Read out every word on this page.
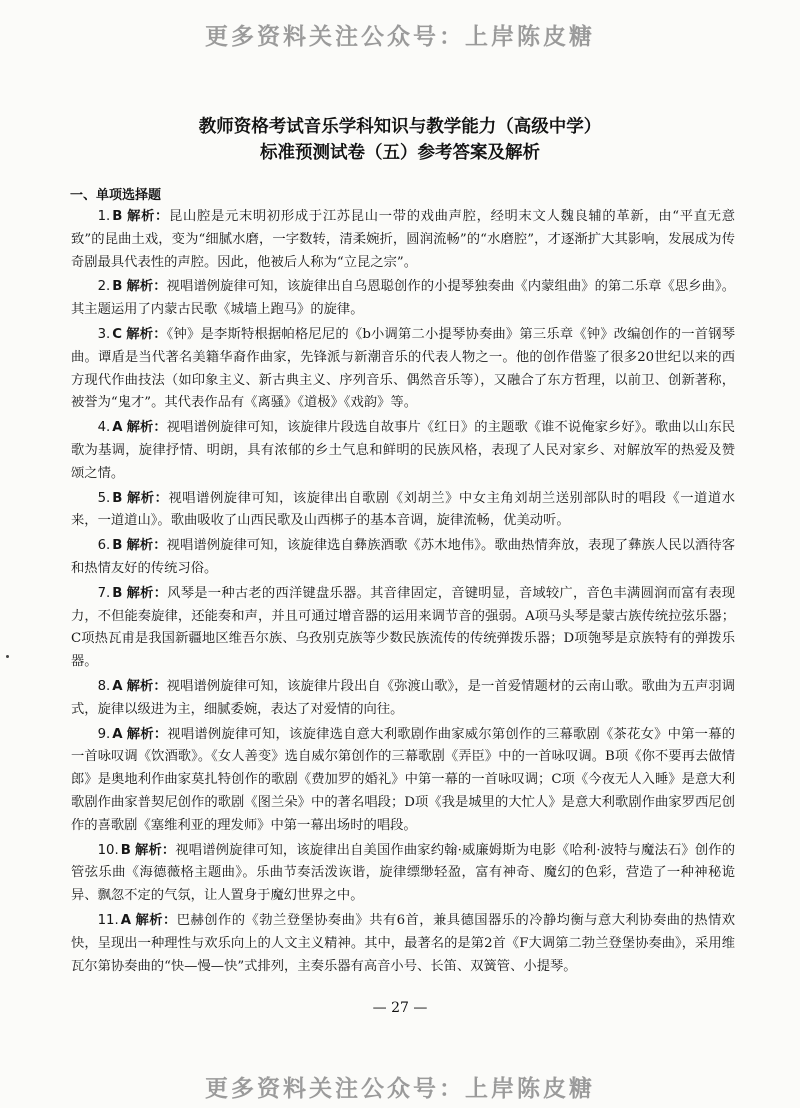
更多资料关注公众号：上岸陈皮糖
教师资格考试音乐学科知识与教学能力（高级中学）
标准预测试卷（五）参考答案及解析
一、单项选择题

1. B 解析：昆山腔是元末明初形成于江苏昆山一带的戏曲声腔，经明末文人魏良辅的革新，由“平直无意致”的昆曲土戏，变为“细腻水磨，一字数转，清柔婉折，圆润流畅”的“水磨腔”，才逐渐扩大其影响，发展成为传奇剧最具代表性的声腔。因此，他被后人称为“立昆之宗”。

2. B 解析：视唱谱例旋律可知，该旋律出自乌恩聪创作的小提琴独奏曲《内蒙组曲》的第二乐章《思乡曲》。其主题运用了内蒙古民歌《城墙上跑马》的旋律。

3. C 解析：《钟》是李斯特根据帕格尼尼的《b小调第二小提琴协奏曲》第三乐章《钟》改编创作的一首钢琴曲。谭盾是当代著名美籍华裔作曲家，先锋派与新潮音乐的代表人物之一。他的创作借鉴了很多20世纪以来的西方现代作曲技法（如印象主义、新古典主义、序列音乐、偶然音乐等），又融合了东方哲理，以前卫、创新著称，被誉为“鬼才”。其代表作品有《离骚》《道极》《戏韵》等。

4. A 解析：视唱谱例旋律可知，该旋律片段选自故事片《红日》的主题歌《谁不说俺家乡好》。歌曲以山东民歌为基调，旋律抒情、明朗，具有浓郁的乡土气息和鲜明的民族风格，表现了人民对家乡、对解放军的热爱及赞颂之情。

5. B 解析：视唱谱例旋律可知，该旋律出自歌剧《刘胡兰》中女主角刘胡兰送别部队时的唱段《一道道水来，一道道山》。歌曲吸收了山西民歌及山西梆子的基本音调，旋律流畅，优美动听。

6. B 解析：视唱谱例旋律可知，该旋律选自彝族酒歌《苏木地伟》。歌曲热情奔放，表现了彝族人民以酒待客和热情友好的传统习俗。

7. B 解析：风琴是一种古老的西洋键盘乐器。其音律固定，音键明显，音域较广，音色丰满圆润而富有表现力，不但能奏旋律，还能奏和声，并且可通过增音器的运用来调节音的强弱。A项马头琴是蒙古族传统拉弦乐器；C项热瓦甫是我国新疆地区维吾尔族、乌孜别克族等少数民族流传的传统弹拨乐器；D项匏琴是京族特有的弹拨乐器。

8. A 解析：视唱谱例旋律可知，该旋律片段出自《弥渡山歌》，是一首爱情题材的云南山歌。歌曲为五声羽调式，旋律以级进为主，细腻委婉，表达了对爱情的向往。

9. A 解析：视唱谱例旋律可知，该旋律选自意大利歌剧作曲家威尔第创作的三幕歌剧《茶花女》中第一幕的一首咏叹调《饮酒歌》。《女人善变》选自威尔第创作的三幕歌剧《弄臣》中的一首咏叹调。B项《你不要再去做情郎》是奥地利作曲家莫扎特创作的歌剧《费加罗的婚礼》中第一幕的一首咏叹调；C项《今夜无人入睡》是意大利歌剧作曲家普契尼创作的歌剧《图兰朵》中的著名唱段；D项《我是城里的大忙人》是意大利歌剧作曲家罗西尼创作的喜歌剧《塞维利亚的理发师》中第一幕出场时的唱段。

10. B 解析：视唱谱例旋律可知，该旋律出自美国作曲家约翰·威廉姆斯为电影《哈利·波特与魔法石》创作的管弦乐曲《海德薇格主题曲》。乐曲节奏活泼诙谐，旋律缥缈轻盈，富有神奇、魔幻的色彩，营造了一种神秘诡异、飘忽不定的气氛，让人置身于魔幻世界之中。

11. A 解析：巴赫创作的《勃兰登堡协奏曲》共有6首，兼具德国器乐的冷静均衡与意大利协奏曲的热情欢快，呈现出一种理性与欢乐向上的人文主义精神。其中，最著名的是第2首《F大调第二勃兰登堡协奏曲》，采用维瓦尔第协奏曲的“快—慢—快”式排列，主奏乐器有高音小号、长笛、双簧管、小提琴。

— 27 —
更多资料关注公众号：上岸陈皮糖
